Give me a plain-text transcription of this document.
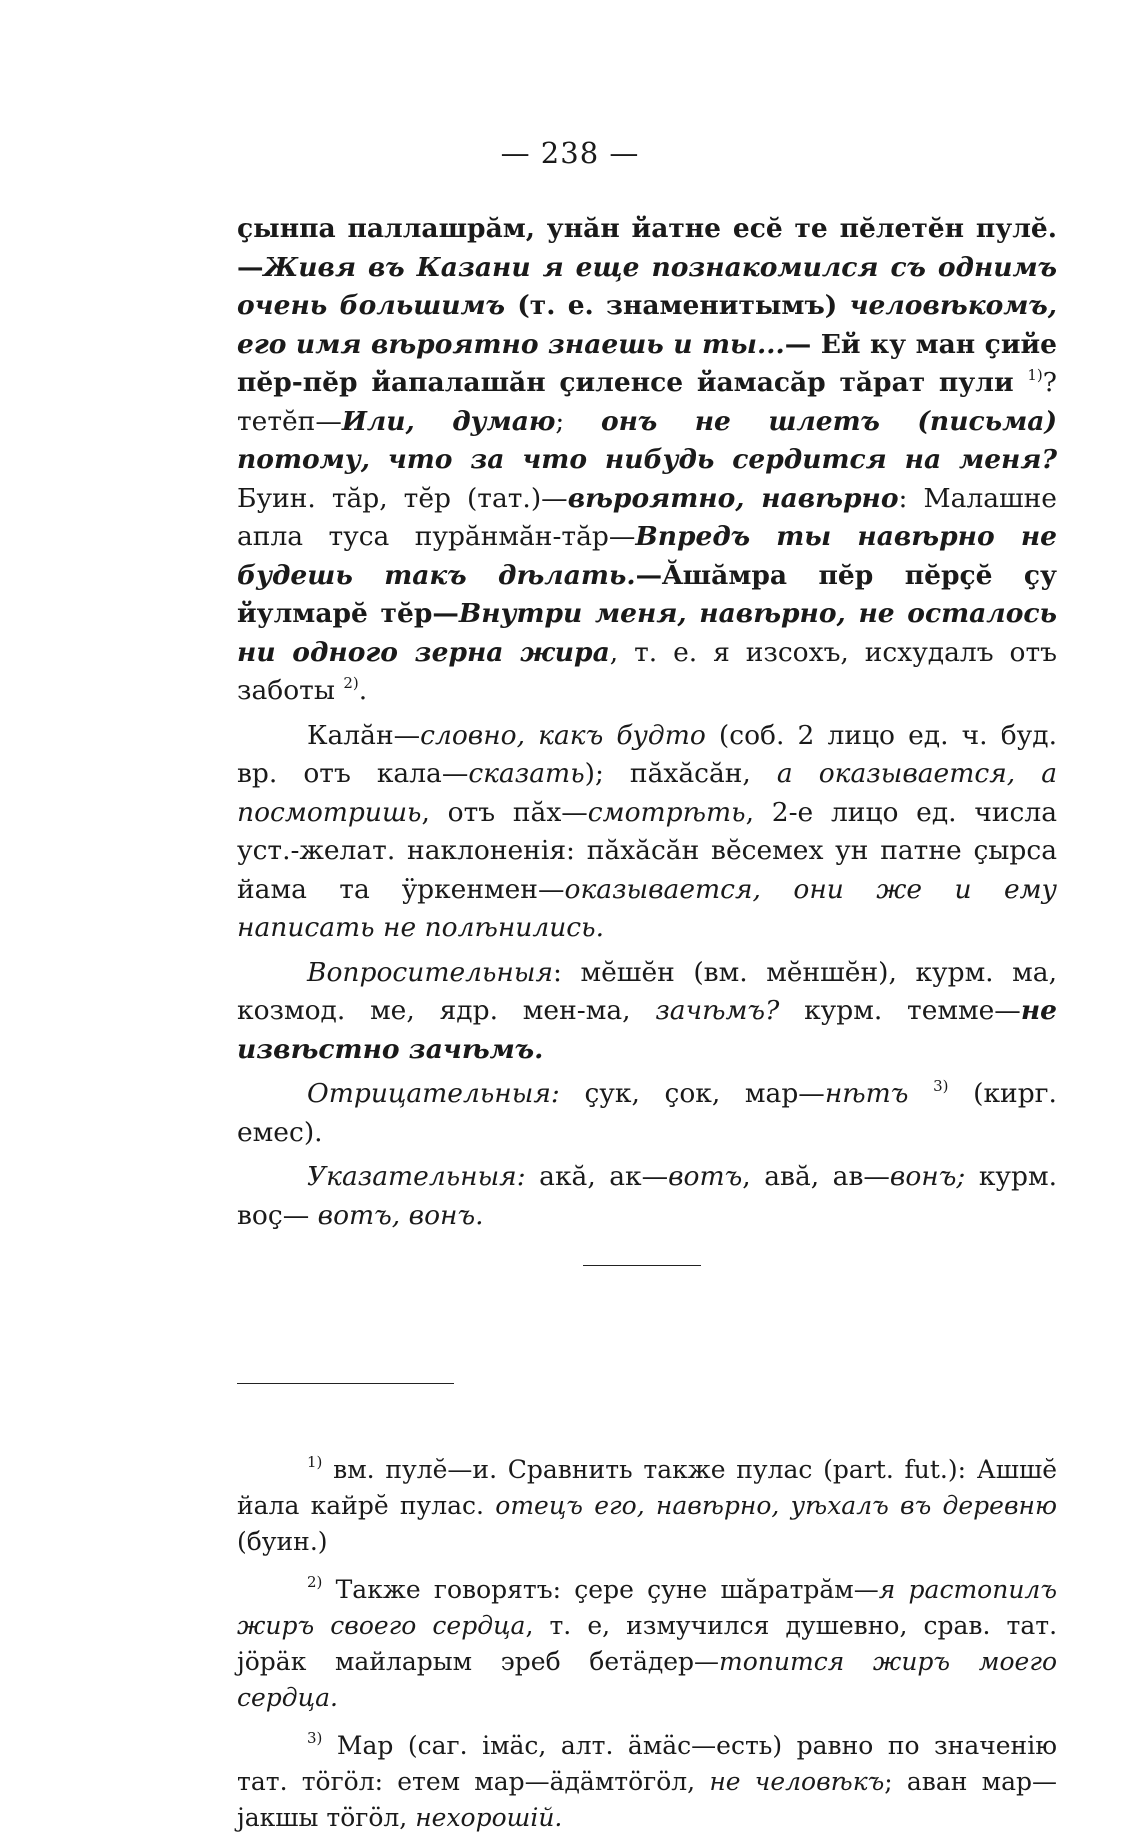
— 238 —

çынпа паллашрăм, унăн йатне есĕ те пĕлетĕн пулĕ.—Живя въ Казани я еще познакомился съ однимъ очень большимъ (т. е. знаменитымъ) человѣкомъ, его имя вѣроятно знаешь и ты...— Ей ку ман çийе пĕр-пĕр йапалашăн çиленсе йамасăр тăрат пули $^{1)}$? тетĕп—Или, думаю; онъ не шлетъ (письма) потому, что за что нибудь сердится на меня? Буин. тăр, тĕр (тат.)—вѣроятно, навѣрно: Малашне апла туса пурăнмăн-тăр—Впредъ ты навѣрно не будешь такъ дѣлать.—Ăшăмра пĕр пĕрçĕ çу йулмарĕ тĕр—Внутри меня, навѣрно, не осталось ни одного зерна жира, т. е. я изсохъ, исхудалъ отъ заботы $^{2)}$.

Калăн—словно, какъ будто (соб. 2 лицо ед. ч. буд. вр. отъ кала—сказать); пăхăсăн, а оказывается, а посмотришь, отъ пăх—смотрѣть, 2-е лицо ед. числа уст.-желат. наклоненія: пăхăсăн вĕсемех ун патне çырса йама та ÿркенмен—оказывается, они же и ему написать не полѣнились.

Вопросительныя: мĕшĕн (вм. мĕншĕн), курм. ма, козмод. ме, ядр. мен-ма, зачѣмъ? курм. темме—не извѣстно зачѣмъ.

Отрицательныя: çук, çок, мар—нѣтъ $^{3)}$ (кирг. емес).

Указательныя: акă, ак—вотъ, авă, ав—вонъ; курм. воç— вотъ, вонъ.

$^{1)}$ вм. пулĕ—и. Сравнить также пулас (part. fut.): Ашшĕ йала кайрĕ пулас. отецъ его, навѣрно, уѣхалъ въ деревню (буин.)

$^{2)}$ Также говорятъ: çере çуне шăратрăм—я растопилъ жиръ своего сердца, т. е, измучился душевно, срав. тат. jöрäк майларым эреб бетäдер—топится жиръ моего сердца.

$^{3)}$ Мар (саг. імäс, алт. ӓмäс—есть) равно по значенію тат. тöгöл: етем мар—äдäмтöгöл, не человѣкъ; аван мар— jакшы тöгöл, нехорошій.
